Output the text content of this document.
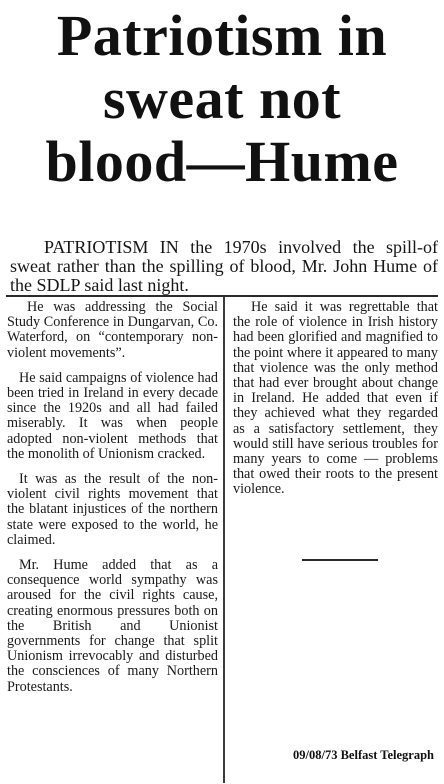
Patriotism in
sweat not
blood—Hume

PATRIOTISM IN the 1970s involved the spill-of sweat rather than the spilling of blood, Mr. John Hume of the SDLP said last night.

He was addressing the Social Study Conference in Dungarvan, Co. Waterford, on “contemporary non-violent movements”.

He said campaigns of violence had been tried in Ireland in every decade since the 1920s and all had failed miserably. It was when people adopted non-violent methods that the monolith of Unionism cracked.

It was as the result of the non-violent civil rights movement that the blatant injustices of the northern state were exposed to the world, he claimed.

Mr. Hume added that as a consequence world sympathy was aroused for the civil rights cause, creating enormous pressures both on the British and Unionist governments for change that split Unionism irrevocably and disturbed the consciences of many Northern Protestants.

He said it was regrettable that the role of violence in Irish history had been glorified and magnified to the point where it appeared to many that violence was the only method that had ever brought about change in Ireland. He added that even if they achieved what they regarded as a satisfactory settlement, they would still have serious troubles for many years to come — problems that owed their roots to the present violence.

09/08/73 Belfast Telegraph
